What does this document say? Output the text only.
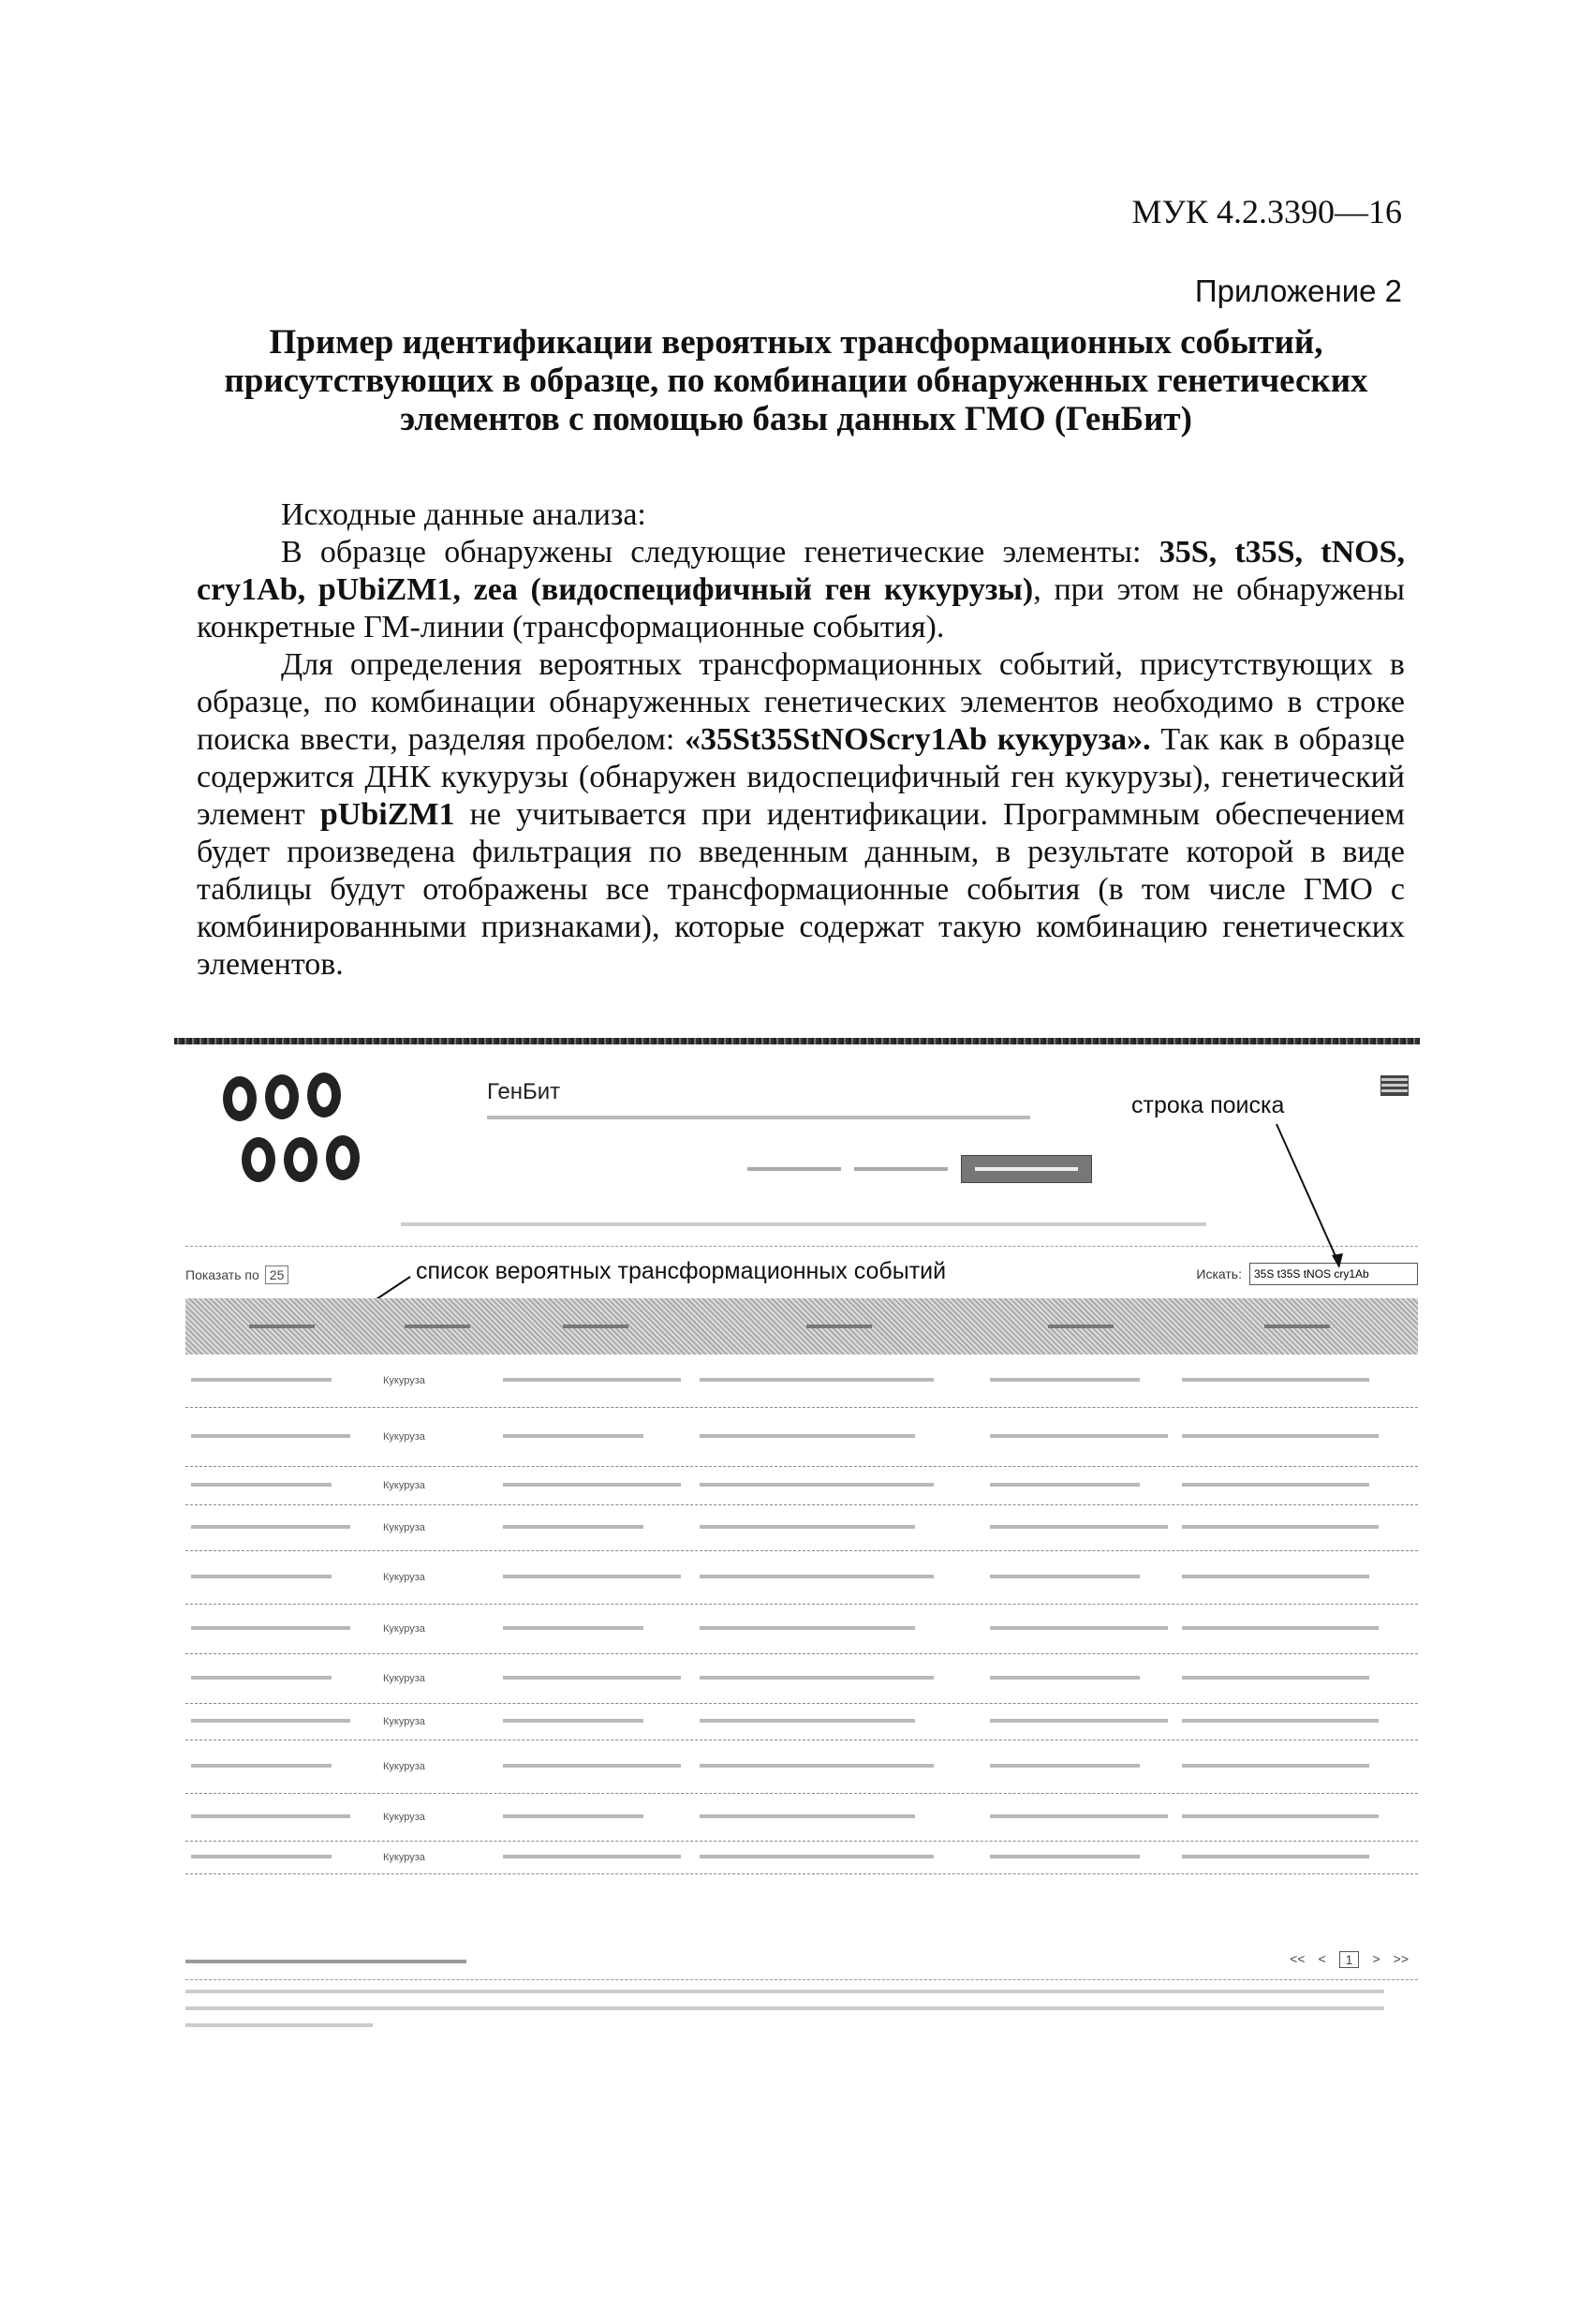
МУК 4.2.3390—16
Приложение 2
Пример идентификации вероятных трансформационных событий, присутствующих в образце, по комбинации обнаруженных генетических элементов с помощью базы данных ГМО (ГенБит)

Исходные данные анализа:

В образце обнаружены следующие генетические элементы: 35S, t35S, tNOS, cry1Ab, pUbiZM1, zea (видоспецифичный ген кукурузы), при этом не обнаружены конкретные ГМ-линии (трансформационные события).

Для определения вероятных трансформационных событий, присутствующих в образце, по комбинации обнаруженных генетических элементов необходимо в строке поиска ввести, разделяя пробелом: «35St35StNOScry1Ab кукуруза». Так как в образце содержится ДНК кукурузы (обнаружен видоспецифичный ген кукурузы), генетический элемент pUbiZM1 не учитывается при идентификации. Программным обеспечением будет произведена фильтрация по введенным данным, в результате которой в виде таблицы будут отображены все трансформационные события (в том числе ГМО с комбинированными признаками), которые содержат такую комбинацию генетических элементов.

ГенБит
строка поиска
Показать по 25	список вероятных трансформационных событий	Искать:
35S t35S tNOS cry1Ab
Кукуруза
Кукуруза
Кукуруза
Кукуруза
Кукуруза
Кукуруза
Кукуруза
Кукуруза
Кукуруза
Кукуруза
Кукуруза
<< <	1	> >>
